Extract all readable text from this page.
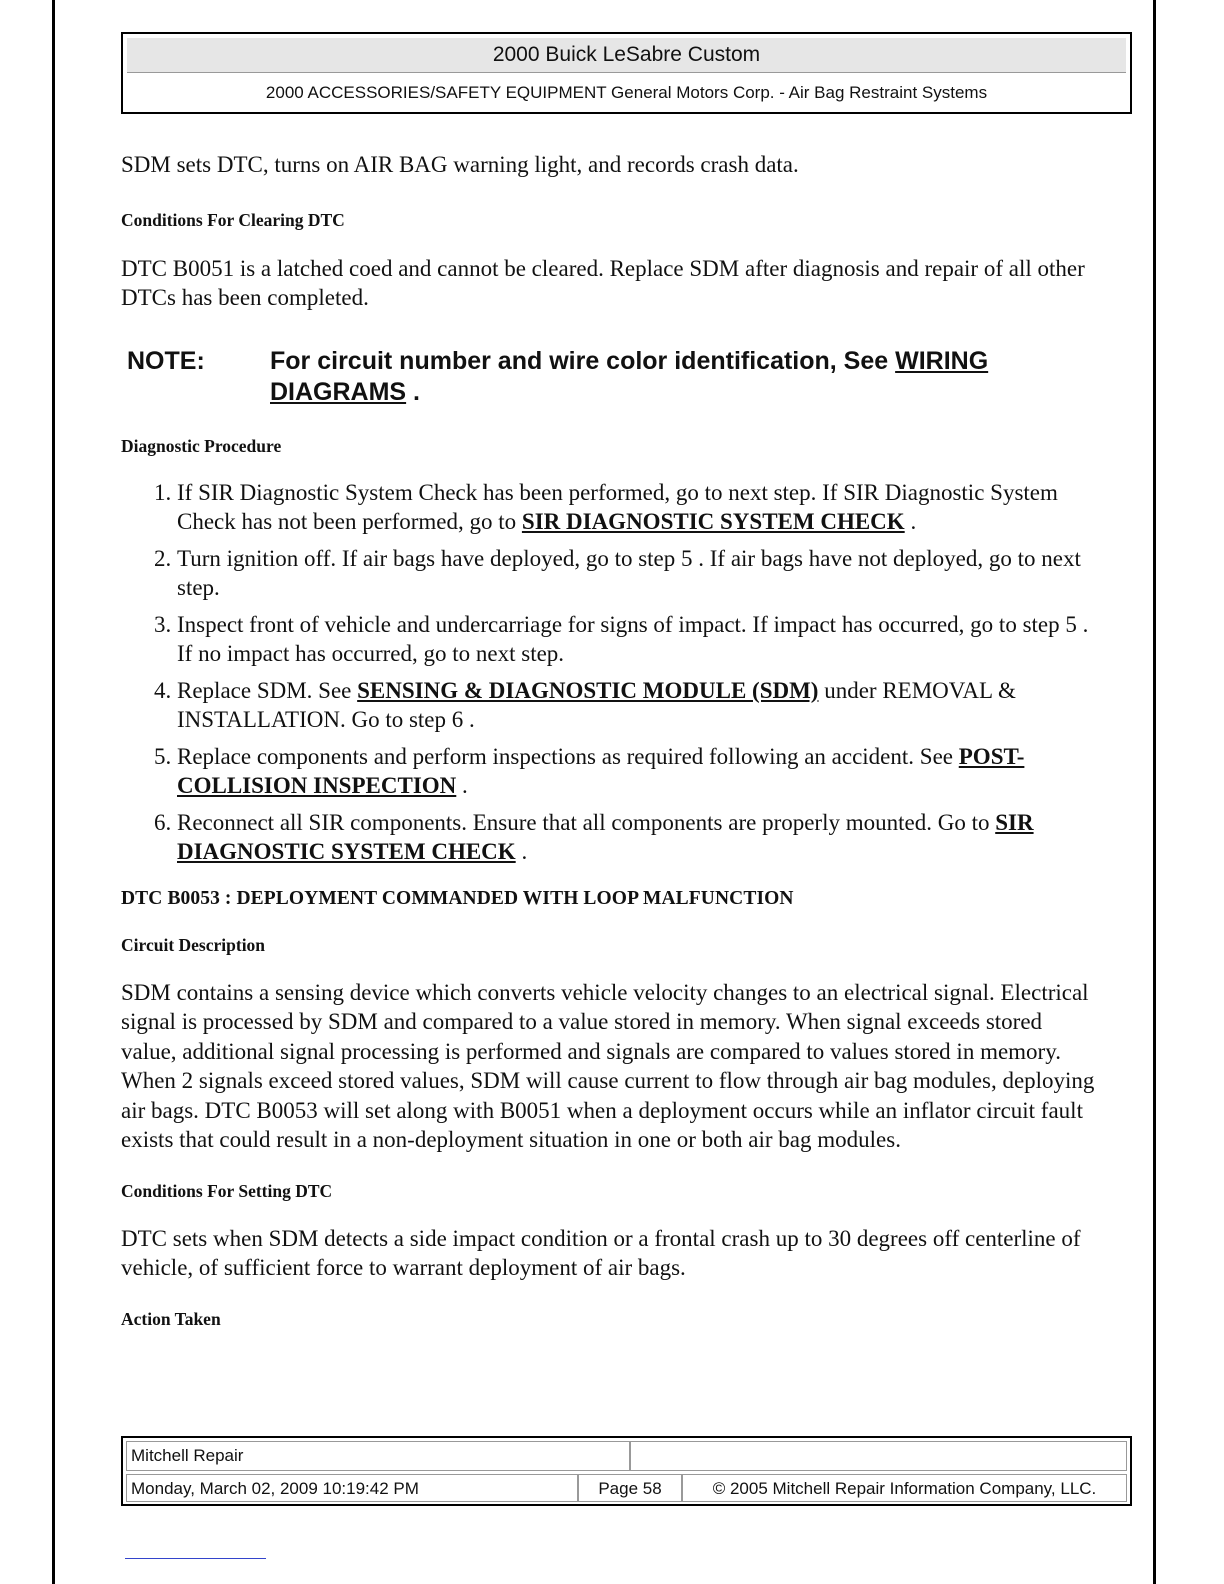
2000 Buick LeSabre Custom
2000 ACCESSORIES/SAFETY EQUIPMENT General Motors Corp. - Air Bag Restraint Systems

SDM sets DTC, turns on AIR BAG warning light, and records crash data.

Conditions For Clearing DTC

DTC B0051 is a latched coed and cannot be cleared. Replace SDM after diagnosis and repair of all other DTCs has been completed.

NOTE:	For circuit number and wire color identification, See WIRING DIAGRAMS .

Diagnostic Procedure

1. If SIR Diagnostic System Check has been performed, go to next step. If SIR Diagnostic System Check has not been performed, go to SIR DIAGNOSTIC SYSTEM CHECK .
2. Turn ignition off. If air bags have deployed, go to step 5 . If air bags have not deployed, go to next step.
3. Inspect front of vehicle and undercarriage for signs of impact. If impact has occurred, go to step 5 . If no impact has occurred, go to next step.
4. Replace SDM. See SENSING & DIAGNOSTIC MODULE (SDM) under REMOVAL & INSTALLATION. Go to step 6 .
5. Replace components and perform inspections as required following an accident. See POST-COLLISION INSPECTION .
6. Reconnect all SIR components. Ensure that all components are properly mounted. Go to SIR DIAGNOSTIC SYSTEM CHECK .

DTC B0053 : DEPLOYMENT COMMANDED WITH LOOP MALFUNCTION

Circuit Description

SDM contains a sensing device which converts vehicle velocity changes to an electrical signal. Electrical signal is processed by SDM and compared to a value stored in memory. When signal exceeds stored value, additional signal processing is performed and signals are compared to values stored in memory. When 2 signals exceed stored values, SDM will cause current to flow through air bag modules, deploying air bags. DTC B0053 will set along with B0051 when a deployment occurs while an inflator circuit fault exists that could result in a non-deployment situation in one or both air bag modules.

Conditions For Setting DTC

DTC sets when SDM detects a side impact condition or a frontal crash up to 30 degrees off centerline of vehicle, of sufficient force to warrant deployment of air bags.

Action Taken

Mitchell Repair
Monday, March 02, 2009 10:19:42 PM	Page 58	© 2005 Mitchell Repair Information Company, LLC.
